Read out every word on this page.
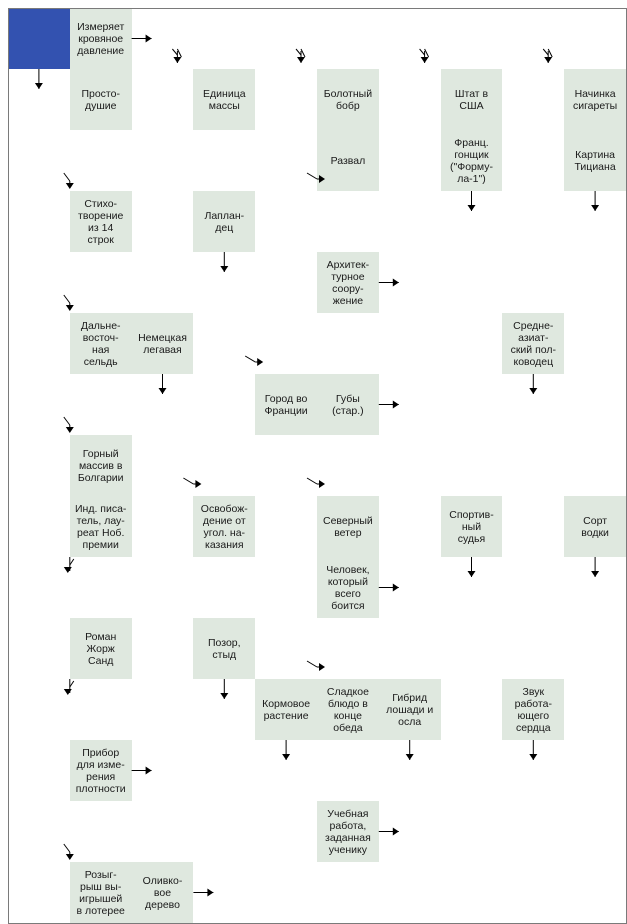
Измеряет
кровяное
давление
Просто-
душие
Единица
массы
Болотный
бобр
Штат в
США
Начинка
сигареты
Развал
Франц.
гонщик
("Форму-
ла-1")
Картина
Тициана
Стихо-
творение
из 14
строк
Лаплан-
дец
Архитек-
турное
соору-
жение
Дальне-
восточ-
ная
сельдь
Немецкая
легавая
Средне-
азиат-
ский пол-
ководец
Город во
Франции
Губы
(стар.)
Горный
массив в
Болгарии
Инд. писа-
тель, лау-
реат Ноб.
премии
Освобож-
дение от
угол. на-
казания
Северный
ветер
Спортив-
ный
судья
Сорт
водки
Человек,
который
всего
боится
Роман
Жорж
Санд
Позор,
стыд
Кормовое
растение
Сладкое
блюдо в
конце
обеда
Гибрид
лошади и
осла
Звук
работа-
ющего
сердца
Прибор
для изме-
рения
плотности
Учебная
работа,
заданная
ученику
Розыг-
рыш вы-
игрышей
в лотерее
Оливко-
вое
дерево
